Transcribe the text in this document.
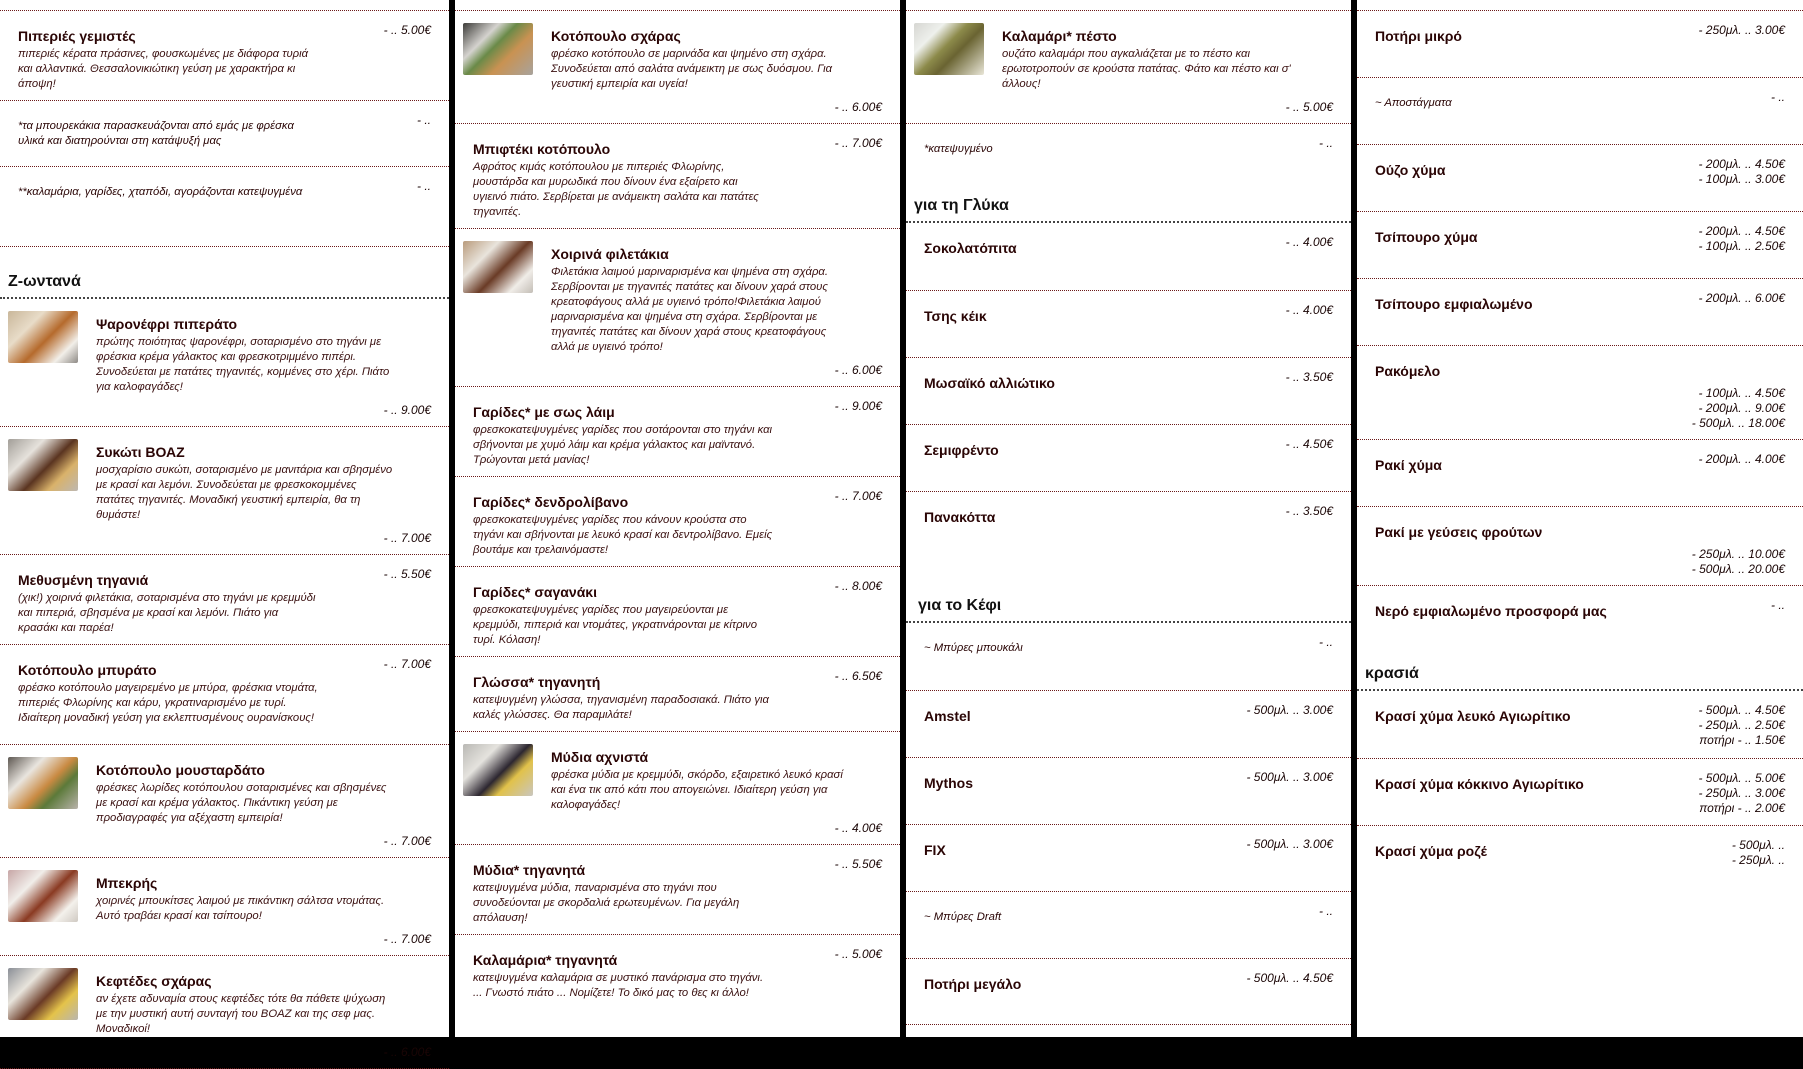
Πιπεριές γεμιστές
πιπεριές κέρατα πράσινες, φουσκωμένες με διάφορα τυριά και αλλαντικά. Θεσσαλονικιώτικη γεύση με χαρακτήρα κι άποψη!
- .. 5.00€
*τα μπουρεκάκια παρασκευάζονται από εμάς με φρέσκα υλικά και διατηρούνται στη κατάψυξή μας
- ..
**καλαμάρια, γαρίδες, χταπόδι, αγοράζονται κατεψυγμένα	- ..
Z-ωντανά
Ψαρονέφρι πιπεράτο
πρώτης ποιότητας ψαρονέφρι, σοταρισμένο στο τηγάνι με φρέσκια κρέμα γάλακτος και φρεσκοτριμμένο πιπέρι. Συνοδεύεται με πατάτες τηγανιτές, κομμένες στο χέρι. Πιάτο για καλοφαγάδες!
- .. 9.00€
Συκώτι ΒΟΑΖ
μοσχαρίσιο συκώτι, σοταρισμένο με μανιτάρια και σβησμένο με κρασί και λεμόνι. Συνοδεύεται με φρεσκοκομμένες πατάτες τηγανιτές. Μοναδική γευστική εμπειρία, θα τη θυμάστε!
- .. 7.00€
Μεθυσμένη τηγανιά
(χικ!) χοιρινά φιλετάκια, σοταρισμένα στο τηγάνι με κρεμμύδι και πιπεριά, σβησμένα με κρασί και λεμόνι. Πιάτο για κρασάκι και παρέα!
- .. 5.50€
Κοτόπουλο μπυράτο
φρέσκο κοτόπουλο μαγειρεμένο με μπύρα, φρέσκια ντομάτα, πιπεριές Φλωρίνης και κάρυ, γκρατιναρισμένο με τυρί. Ιδιαίτερη μοναδική γεύση για εκλεπτυσμένους ουρανίσκους!
- .. 7.00€
Κοτόπουλο μουσταρδάτο
φρέσκες λωρίδες κοτόπουλου σοταρισμένες και σβησμένες με κρασί και κρέμα γάλακτος. Πικάντικη γεύση με προδιαγραφές για αξέχαστη εμπειρία!
- .. 7.00€
Μπεκρής
χοιρινές μπουκίτσες λαιμού με πικάντικη σάλτσα ντομάτας. Αυτό τραβάει κρασί και τσίπουρο!
- .. 7.00€
Κεφτέδες σχάρας
αν έχετε αδυναμία στους κεφτέδες τότε θα πάθετε ψύχωση με την μυστική αυτή συνταγή του BOAZ και της σεφ μας. Μοναδικοί!
- .. 6.00€
Κοτόπουλο σχάρας
φρέσκο κοτόπουλο σε μαρινάδα και ψημένο στη σχάρα. Συνοδεύεται από σαλάτα ανάμεικτη με σως δυόσμου. Για γευστική εμπειρία και υγεία!
- .. 6.00€
Μπιφτέκι κοτόπουλο
Αφράτος κιμάς κοτόπουλου με πιπεριές Φλωρίνης, μουστάρδα και μυρωδικά που δίνουν ένα εξαίρετο και υγιεινό πιάτο. Σερβίρεται με ανάμεικτη σαλάτα και πατάτες τηγανιτές.
- .. 7.00€
Χοιρινά φιλετάκια
Φιλετάκια λαιμού μαριναρισμένα και ψημένα στη σχάρα. Σερβίρονται με τηγανιτές πατάτες και δίνουν χαρά στους κρεατοφάγους αλλά με υγιεινό τρόπο!Φιλετάκια λαιμού μαριναρισμένα και ψημένα στη σχάρα. Σερβίρονται με τηγανιτές πατάτες και δίνουν χαρά στους κρεατοφάγους αλλά με υγιεινό τρόπο!
- .. 6.00€
Γαρίδες* με σως λάιμ
φρεσκοκατεψυγμένες γαρίδες που σοτάρονται στο τηγάνι και σβήνονται με χυμό λάιμ και κρέμα γάλακτος και μαϊντανό. Τρώγονται μετά μανίας!
- .. 9.00€
Γαρίδες* δενδρολίβανο
φρεσκοκατεψυγμένες γαρίδες που κάνουν κρούστα στο τηγάνι και σβήνονται με λευκό κρασί και δεντρολίβανο. Εμείς βουτάμε και τρελαινόμαστε!
- .. 7.00€
Γαρίδες* σαγανάκι
φρεσκοκατεψυγμένες γαρίδες που μαγειρεύονται με κρεμμύδι, πιπεριά και ντομάτες, γκρατινάρονται με κίτρινο τυρί. Κόλαση!
- .. 8.00€
Γλώσσα* τηγανητή
κατεψυγμένη γλώσσα, τηγανισμένη παραδοσιακά. Πιάτο για καλές γλώσσες. Θα παραμιλάτε!
- .. 6.50€
Μύδια αχνιστά
φρέσκα μύδια με κρεμμύδι, σκόρδο, εξαιρετικό λευκό κρασί και ένα τικ από κάτι που απογειώνει. Ιδιαίτερη γεύση για καλοφαγάδες!
- .. 4.00€
Μύδια* τηγανητά
κατεψυγμένα μύδια, παναρισμένα στο τηγάνι που συνοδεύονται με σκορδαλιά ερωτευμένων. Για μεγάλη απόλαυση!
- .. 5.50€
Καλαμάρια* τηγανητά
κατεψυγμένα καλαμάρια σε μυστικό πανάρισμα στο τηγάνι. ... Γνωστό πιάτο ... Νομίζετε! Το δικό μας το θες κι άλλο!
- .. 5.00€
Καλαμάρι* πέστο
ουζάτο καλαμάρι που αγκαλιάζεται με το πέστο και ερωτοτροπούν σε κρούστα πατάτας. Φάτο και πέστο και σ' άλλους!
- .. 5.00€
*κατεψυγμένο	- ..
για τη Γλύκα
Σοκολατόπιτα	- .. 4.00€
Τσης κέικ	- .. 4.00€
Μωσαϊκό αλλιώτικο	- .. 3.50€
Σεμιφρέντο	- .. 4.50€
Πανακόττα	- .. 3.50€
για το Κέφι
~ Μπύρες μπουκάλι	- ..
Amstel	- 500μλ. .. 3.00€
Mythos	- 500μλ. .. 3.00€
FIX	- 500μλ. .. 3.00€
~ Μπύρες Draft	- ..
Ποτήρι μεγάλο	- 500μλ. .. 4.50€
Ποτήρι μικρό	- 250μλ. .. 3.00€
~ Αποστάγματα	- ..
Ούζο χύμα	- 200μλ. .. 4.50€
- 100μλ. .. 3.00€
Τσίπουρο χύμα	- 200μλ. .. 4.50€
- 100μλ. .. 2.50€
Τσίπουρο εμφιαλωμένο	- 200μλ. .. 6.00€
Ρακόμελο
- 100μλ. .. 4.50€
- 200μλ. .. 9.00€
- 500μλ. .. 18.00€
Ρακί χύμα	- 200μλ. .. 4.00€
Ρακί με γεύσεις φρούτων
- 250μλ. .. 10.00€
- 500μλ. .. 20.00€
Νερό εμφιαλωμένο προσφορά μας	- ..
κρασιά
Κρασί χύμα λευκό Αγιωρίτικο	- 500μλ. .. 4.50€
- 250μλ. .. 2.50€
ποτήρι - .. 1.50€
Κρασί χύμα κόκκινο Αγιωρίτικο	- 500μλ. .. 5.00€
- 250μλ. .. 3.00€
ποτήρι - .. 2.00€
Κρασί χύμα ροζέ	- 500μλ. ..
- 250μλ. ..
